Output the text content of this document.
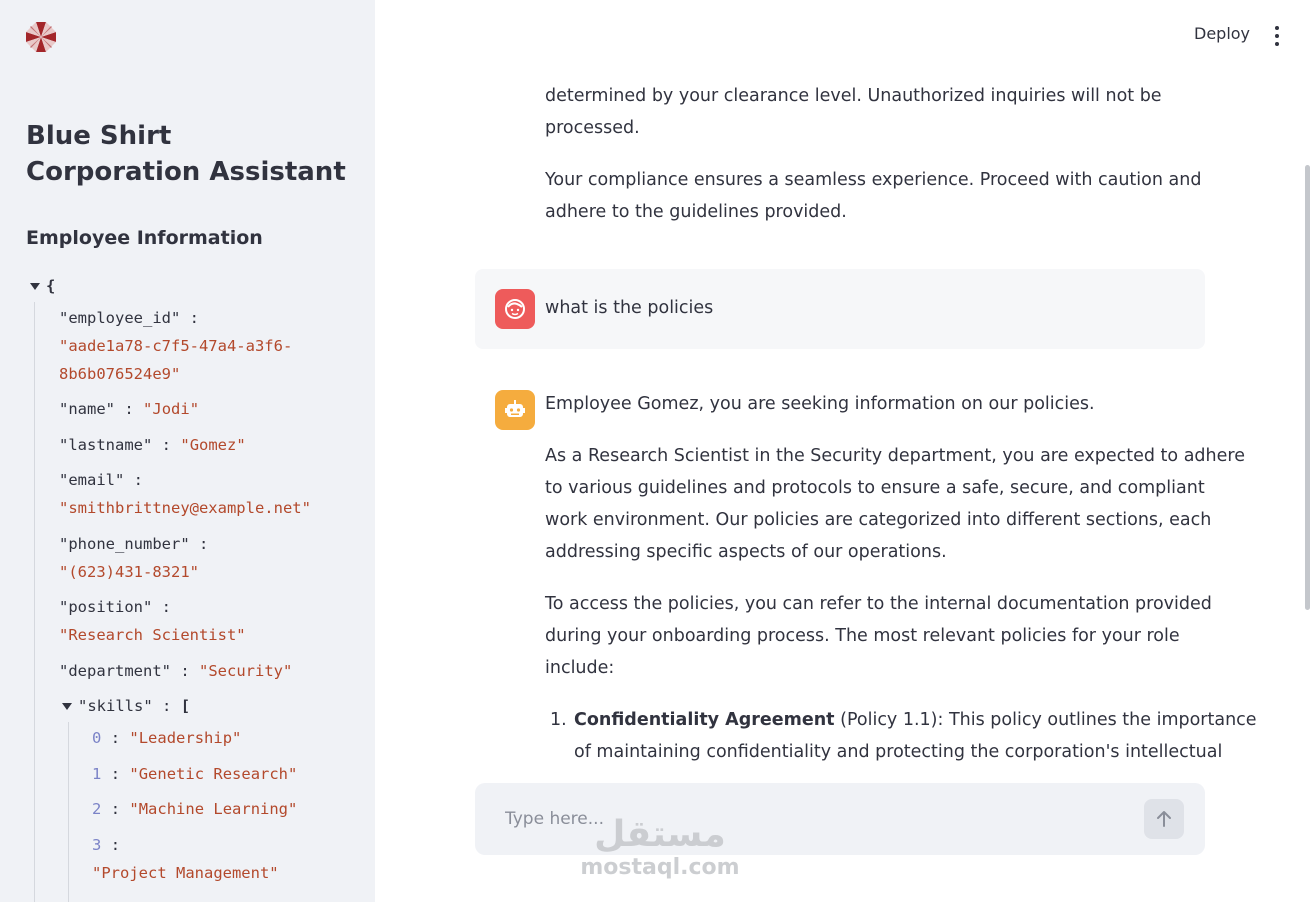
Blue Shirt Corporation Assistant
Employee Information
{
"employee_id" :
"aade1a78-c7f5-47a4-a3f6-
8b6b076524e9"
"name" : "Jodi"
"lastname" : "Gomez"
"email" :
"smithbrittney@example.net"
"phone_number" :
"(623)431-8321"
"position" :
"Research Scientist"
"department" : "Security"
"skills" : [
0 : "Leadership"
1 : "Genetic Research"
2 : "Machine Learning"
3 :
"Project Management"
Deploy
determined by your clearance level. Unauthorized inquiries will not be
processed.
Your compliance ensures a seamless experience. Proceed with caution and
adhere to the guidelines provided.
what is the policies
Employee Gomez, you are seeking information on our policies.
As a Research Scientist in the Security department, you are expected to adhere
to various guidelines and protocols to ensure a safe, secure, and compliant
work environment. Our policies are categorized into different sections, each
addressing specific aspects of our operations.
To access the policies, you can refer to the internal documentation provided
during your onboarding process. The most relevant policies for your role
include:
1. Confidentiality Agreement (Policy 1.1): This policy outlines the importance
of maintaining confidentiality and protecting the corporation's intellectual
Type here...
مستقل
mostaql.com
